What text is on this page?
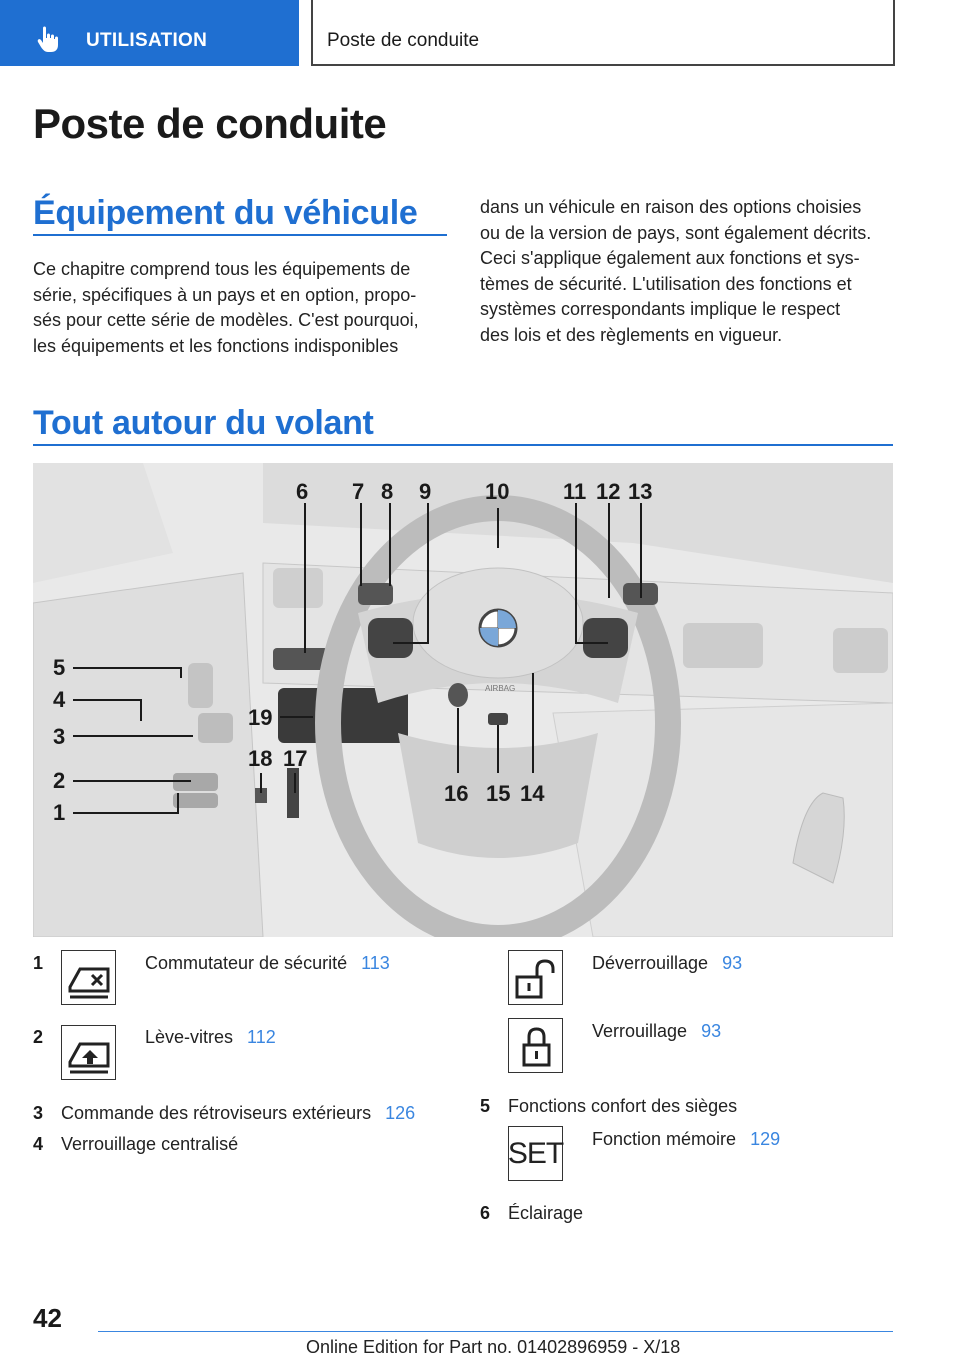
UTILISATION	Poste de conduite
Poste de conduite
Équipement du véhicule
Ce chapitre comprend tous les équipements de
série, spécifiques à un pays et en option, propo-
sés pour cette série de modèles. C'est pourquoi,
les équipements et les fonctions indisponibles
dans un véhicule en raison des options choisies
ou de la version de pays, sont également décrits.
Ceci s'applique également aux fonctions et sys-
tèmes de sécurité. L'utilisation des fonctions et
systèmes correspondants implique le respect
des lois et des règlements en vigueur.
Tout autour du volant
AIRBAG
1
2
3
4
5
6 7 8 9 10 11 12 13
14
15
16
17
18
19
1	Commutateur de sécurité 113
2	Lève-vitres 112
3 Commande des rétroviseurs extérieurs 126
4 Verrouillage centralisé
Déverrouillage 93
Verrouillage 93
5 Fonctions confort des sièges
SET Fonction mémoire 129
6 Éclairage
42
Online Edition for Part no. 01402896959 - X/18
